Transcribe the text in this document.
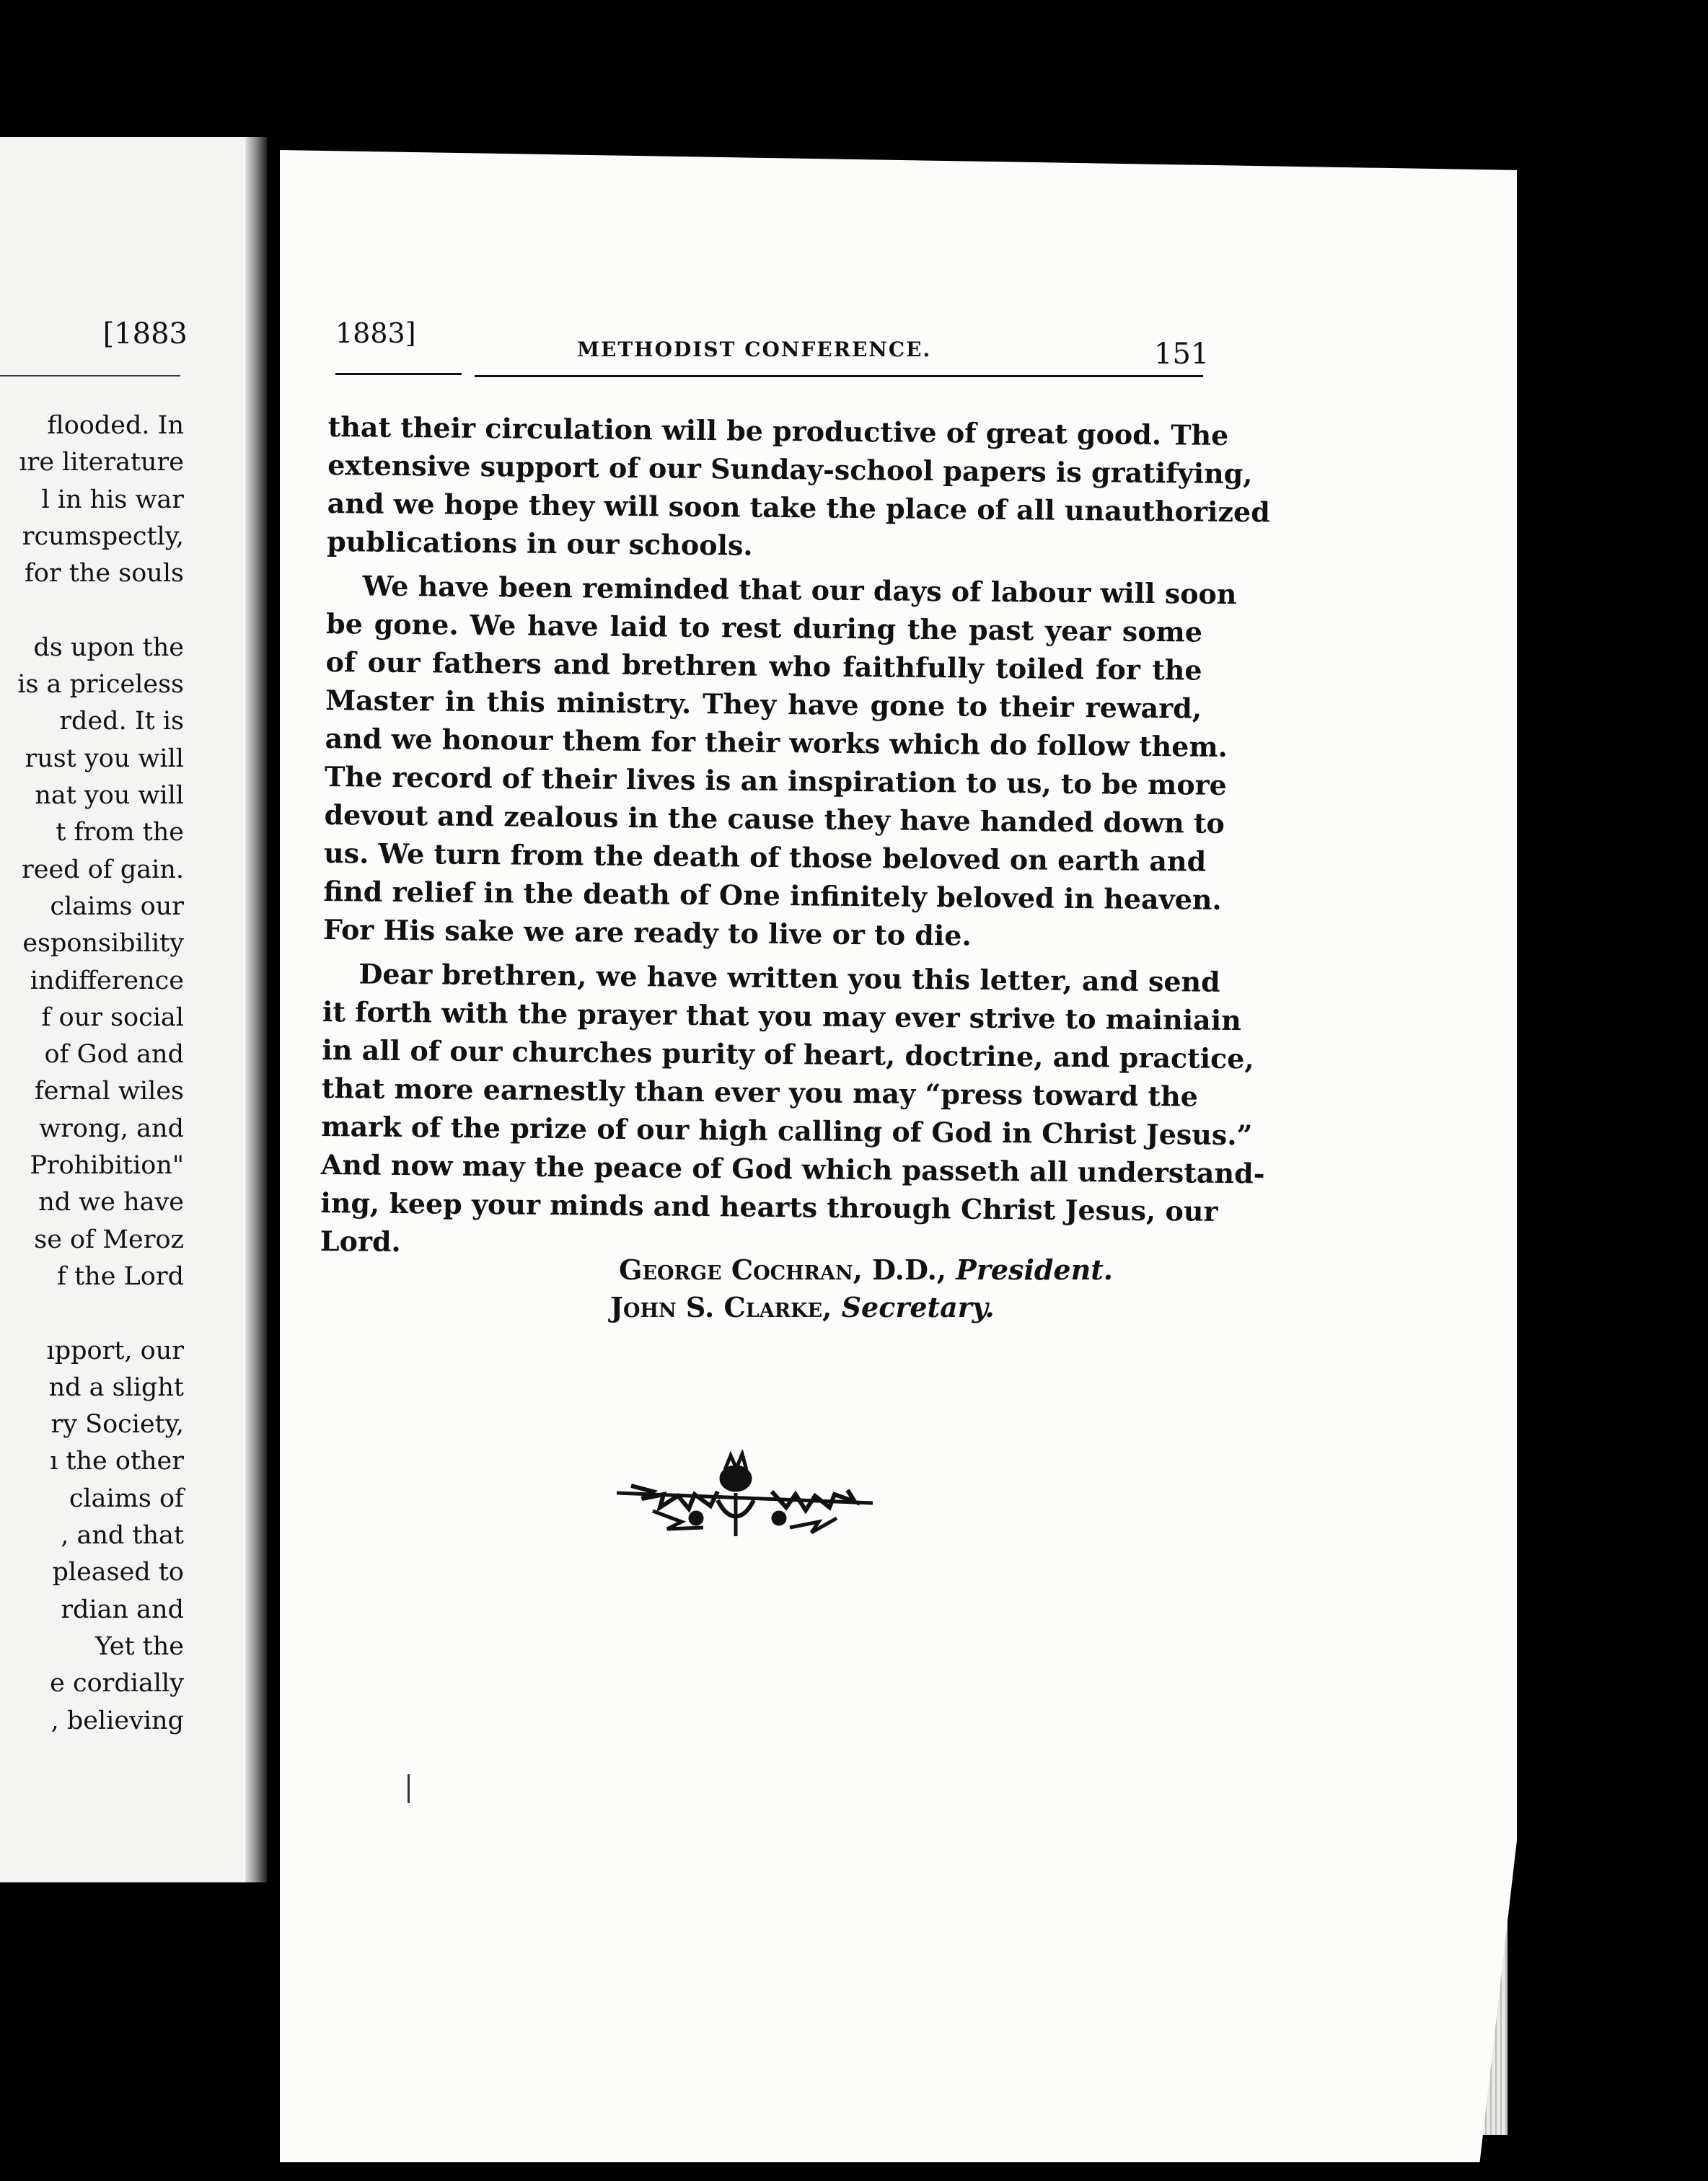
[1883
flooded. In
ıre literature
l in his war
rcumspectly,
for the souls
ds upon the
is a priceless
rded. It is
rust you will
nat you will
t from the
reed of gain.
claims our
esponsibility
indifference
f our social
of God and
fernal wiles
wrong, and
Prohibition"
nd we have
se of Meroz
f the Lord
ıpport, our
nd a slight
ry Society,
ı the other
claims of
, and that
pleased to
rdian and
Yet the
e cordially
, believing
1883]
METHODIST CONFERENCE.	151
that their circulation will be productive of great good. The
extensive support of our Sunday-school papers is gratifying,
and we hope they will soon take the place of all unauthorized
publications in our schools.
We have been reminded that our days of labour will soon
be gone. We have laid to rest during the past year some
of our fathers and brethren who faithfully toiled for the
Master in this ministry. They have gone to their reward,
and we honour them for their works which do follow them.
The record of their lives is an inspiration to us, to be more
devout and zealous in the cause they have handed down to
us. We turn from the death of those beloved on earth and
find relief in the death of One infinitely beloved in heaven.
For His sake we are ready to live or to die.
Dear brethren, we have written you this letter, and send
it forth with the prayer that you may ever strive to mainiain
in all of our churches purity of heart, doctrine, and practice,
that more earnestly than ever you may “press toward the
mark of the prize of our high calling of God in Christ Jesus.”
And now may the peace of God which passeth all understand-
ing, keep your minds and hearts through Christ Jesus, our
Lord.
George Cochran, D.D., President.
John S. Clarke, Secretary.
